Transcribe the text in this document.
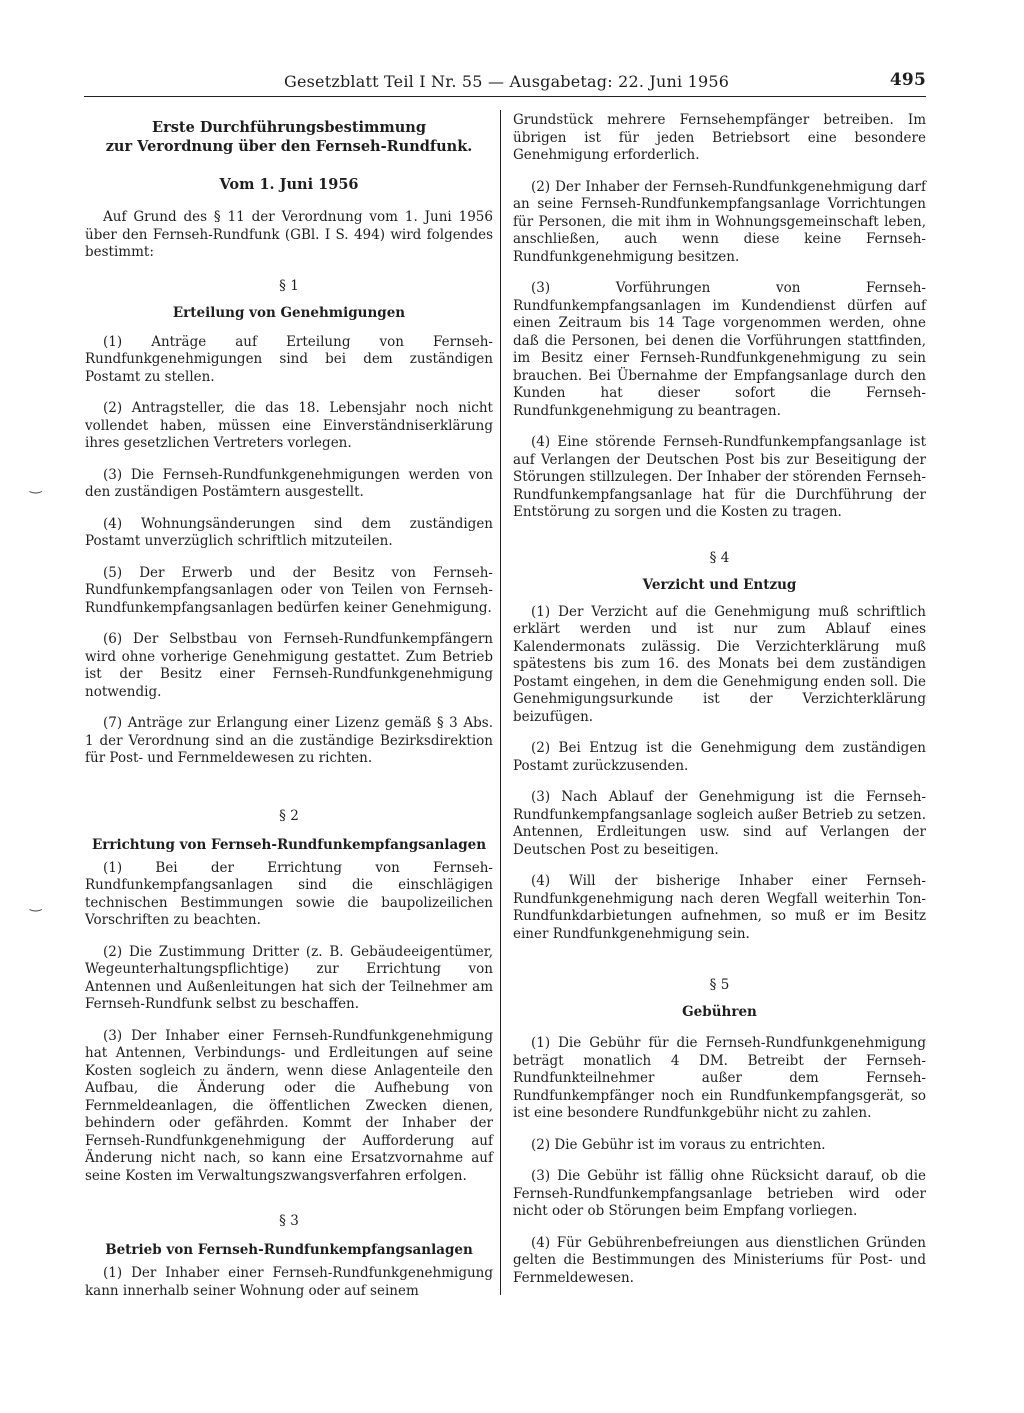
Gesetzblatt Teil I Nr. 55 — Ausgabetag: 22. Juni 1956	495
‿
‿

Erste Durchführungsbestimmung

zur Verordnung über den Fernseh-Rundfunk.

Vom 1. Juni 1956

Auf Grund des § 11 der Verordnung vom 1. Juni 1956 über den Fernseh-Rundfunk (GBl. I S. 494) wird folgendes bestimmt:

§ 1

Erteilung von Genehmigungen

(1) Anträge auf Erteilung von Fernseh-Rundfunkgenehmigungen sind bei dem zuständigen Postamt zu stellen.

(2) Antragsteller, die das 18. Lebensjahr noch nicht vollendet haben, müssen eine Einverständniserklärung ihres gesetzlichen Vertreters vorlegen.

(3) Die Fernseh-Rundfunkgenehmigungen werden von den zuständigen Postämtern ausgestellt.

(4) Wohnungsänderungen sind dem zuständigen Postamt unverzüglich schriftlich mitzuteilen.

(5) Der Erwerb und der Besitz von Fernseh-Rundfunkempfangsanlagen oder von Teilen von Fernseh-Rundfunkempfangsanlagen bedürfen keiner Genehmigung.

(6) Der Selbstbau von Fernseh-Rundfunkempfängern wird ohne vorherige Genehmigung gestattet. Zum Betrieb ist der Besitz einer Fernseh-Rundfunkgenehmigung notwendig.

(7) Anträge zur Erlangung einer Lizenz gemäß § 3 Abs. 1 der Verordnung sind an die zuständige Bezirksdirektion für Post- und Fernmeldewesen zu richten.

§ 2

Errichtung von Fernseh-Rundfunkempfangsanlagen

(1) Bei der Errichtung von Fernseh-Rundfunkempfangsanlagen sind die einschlägigen technischen Bestimmungen sowie die baupolizeilichen Vorschriften zu beachten.

(2) Die Zustimmung Dritter (z. B. Gebäudeeigentümer, Wegeunterhaltungspflichtige) zur Errichtung von Antennen und Außenleitungen hat sich der Teilnehmer am Fernseh-Rundfunk selbst zu beschaffen.

(3) Der Inhaber einer Fernseh-Rundfunkgenehmigung hat Antennen, Verbindungs- und Erdleitungen auf seine Kosten sogleich zu ändern, wenn diese Anlagenteile den Aufbau, die Änderung oder die Aufhebung von Fernmeldeanlagen, die öffentlichen Zwecken dienen, behindern oder gefährden. Kommt der Inhaber der Fernseh-Rundfunkgenehmigung der Aufforderung auf Änderung nicht nach, so kann eine Ersatzvornahme auf seine Kosten im Verwaltungszwangsverfahren erfolgen.

§ 3

Betrieb von Fernseh-Rundfunkempfangsanlagen

(1) Der Inhaber einer Fernseh-Rundfunkgenehmigung kann innerhalb seiner Wohnung oder auf seinem

Grundstück mehrere Fernsehempfänger betreiben. Im übrigen ist für jeden Betriebsort eine besondere Genehmigung erforderlich.

(2) Der Inhaber der Fernseh-Rundfunkgenehmigung darf an seine Fernseh-Rundfunkempfangsanlage Vorrichtungen für Personen, die mit ihm in Wohnungsgemeinschaft leben, anschließen, auch wenn diese keine Fernseh-Rundfunkgenehmigung besitzen.

(3) Vorführungen von Fernseh-Rundfunkempfangsanlagen im Kundendienst dürfen auf einen Zeitraum bis 14 Tage vorgenommen werden, ohne daß die Personen, bei denen die Vorführungen stattfinden, im Besitz einer Fernseh-Rundfunkgenehmigung zu sein brauchen. Bei Übernahme der Empfangsanlage durch den Kunden hat dieser sofort die Fernseh-Rundfunkgenehmigung zu beantragen.

(4) Eine störende Fernseh-Rundfunkempfangsanlage ist auf Verlangen der Deutschen Post bis zur Beseitigung der Störungen stillzulegen. Der Inhaber der störenden Fernseh-Rundfunkempfangsanlage hat für die Durchführung der Entstörung zu sorgen und die Kosten zu tragen.

§ 4

Verzicht und Entzug

(1) Der Verzicht auf die Genehmigung muß schriftlich erklärt werden und ist nur zum Ablauf eines Kalendermonats zulässig. Die Verzichterklärung muß spätestens bis zum 16. des Monats bei dem zuständigen Postamt eingehen, in dem die Genehmigung enden soll. Die Genehmigungsurkunde ist der Verzichterklärung beizufügen.

(2) Bei Entzug ist die Genehmigung dem zuständigen Postamt zurückzusenden.

(3) Nach Ablauf der Genehmigung ist die Fernseh-Rundfunkempfangsanlage sogleich außer Betrieb zu setzen. Antennen, Erdleitungen usw. sind auf Verlangen der Deutschen Post zu beseitigen.

(4) Will der bisherige Inhaber einer Fernseh-Rundfunkgenehmigung nach deren Wegfall weiterhin Ton-Rundfunkdarbietungen aufnehmen, so muß er im Besitz einer Rundfunkgenehmigung sein.

§ 5

Gebühren

(1) Die Gebühr für die Fernseh-Rundfunkgenehmigung beträgt monatlich 4 DM. Betreibt der Fernseh-Rundfunkteilnehmer außer dem Fernseh-Rundfunkempfänger noch ein Rundfunkempfangsgerät, so ist eine besondere Rundfunkgebühr nicht zu zahlen.

(2) Die Gebühr ist im voraus zu entrichten.

(3) Die Gebühr ist fällig ohne Rücksicht darauf, ob die Fernseh-Rundfunkempfangsanlage betrieben wird oder nicht oder ob Störungen beim Empfang vorliegen.

(4) Für Gebührenbefreiungen aus dienstlichen Gründen gelten die Bestimmungen des Ministeriums für Post- und Fernmeldewesen.
